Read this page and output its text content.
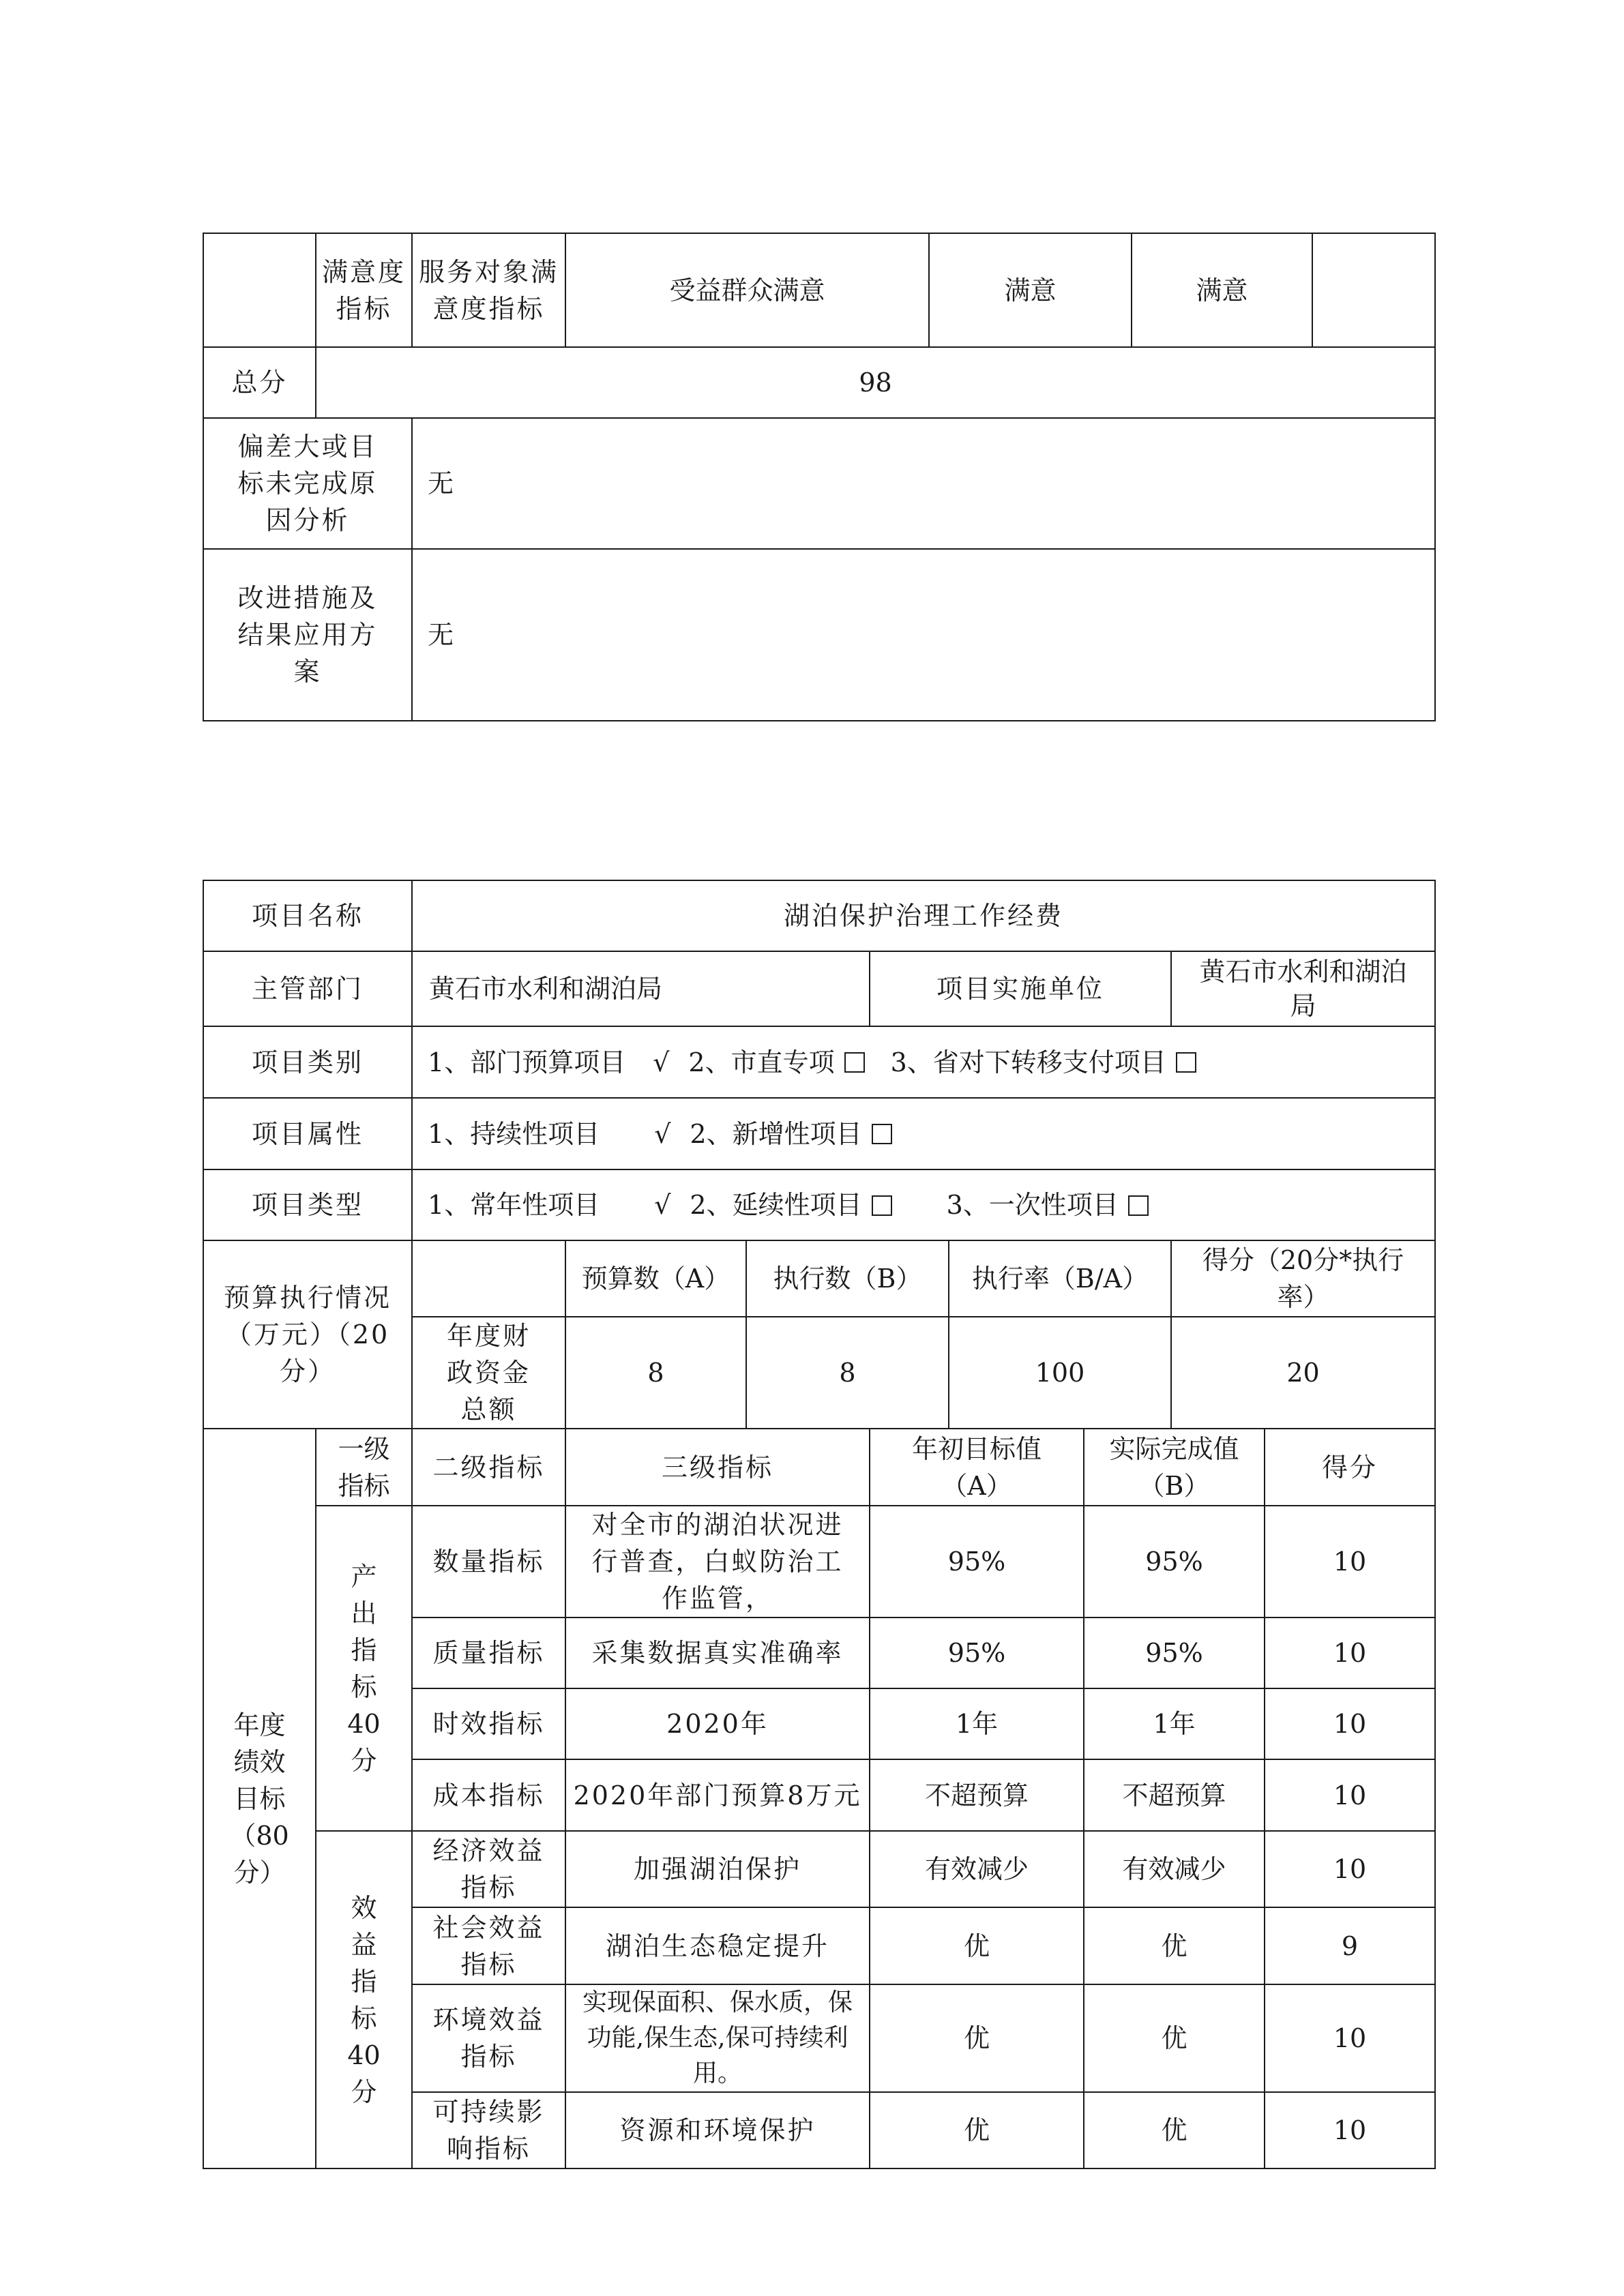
	满意度指标	服务对象满意度指标	受益群众满意	满意	满意	
总分	98					
偏差大或目标未完成原因分析		无				
改进措施及结果应用方案		无				
项目名称		湖泊保护治理工作经费							
主管部门		黄石市水利和湖泊局			项目实施单位			黄石市水利和湖泊局	
项目类别		1、部门预算项目 √ 2、市直专项 3、省对下转移支付项目							
项目属性		1、持续性项目 √ 2、新增性项目							
项目类型		1、常年性项目 √ 2、延续性项目 3、一次性项目							
预算执行情况（万元）（20分）			预算数（A）	执行数（B）		执行率（B/A）		得分（20分*执行率）	
		年度财政资金总额	8	8		100		20	
年度绩效目标（80分）	一级指标	二级指标	三级指标		年初目标值（A）		实际完成值（B）		得分
	产出指标40分	数量指标	对全市的湖泊状况进行普查，白蚁防治工作监管，		95%		95%		10
		质量指标	采集数据真实准确率		95%		95%		10
		时效指标	2020年		1年		1年		10
		成本指标	2020年部门预算8万元		不超预算		不超预算		10
	效益指标40分	经济效益指标	加强湖泊保护		有效减少		有效减少		10
		社会效益指标	湖泊生态稳定提升		优		优		9
		环境效益指标	实现保面积、保水质，保功能,保生态,保可持续利用。		优		优		10
		可持续影响指标	资源和环境保护		优		优		10
